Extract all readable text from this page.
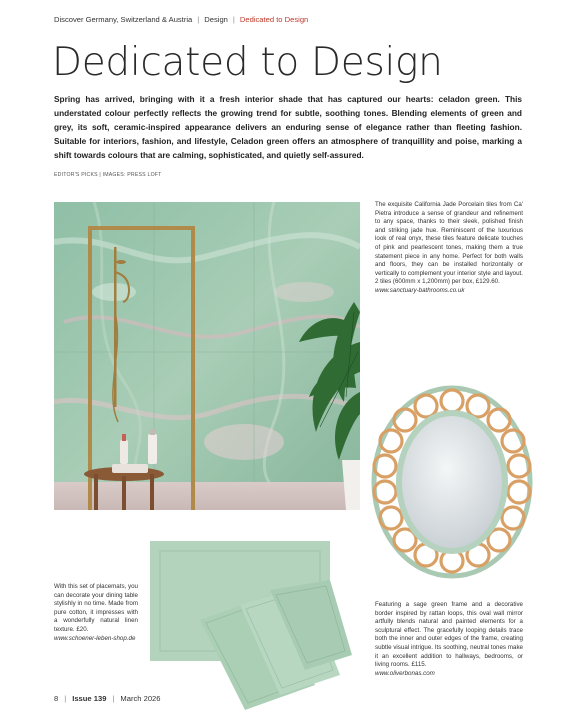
Discover Germany, Switzerland & Austria | Design | Dedicated to Design
Dedicated to Design

Spring has arrived, bringing with it a fresh interior shade that has captured our hearts: celadon green. This understated colour perfectly reflects the growing trend for subtle, soothing tones. Blending elements of green and grey, its soft, ceramic-inspired appearance delivers an enduring sense of elegance rather than fleeting fashion. Suitable for interiors, fashion, and lifestyle, Celadon green offers an atmosphere of tranquillity and poise, marking a shift towards colours that are calming, sophisticated, and quietly self-assured.

EDITOR'S PICKS | IMAGES: PRESS LOFT
The exquisite California Jade Porcelain tiles from Ca' Pietra introduce a sense of grandeur and refinement to any space, thanks to their sleek, polished finish and striking jade hue. Reminiscent of the luxurious look of real onyx, these tiles feature delicate touches of pink and pearlescent tones, making them a true statement piece in any home. Perfect for both walls and floors, they can be installed horizontally or vertically to complement your interior style and layout. 2 tiles (600mm x 1,200mm) per box, £129.60.
www.sanctuary-bathrooms.co.uk
With this set of placemats, you can decorate your dining table stylishly in no time. Made from pure cotton, it impresses with a wonderfully natural linen texture. £20.
www.schoener-leben-shop.de
Featuring a sage green frame and a decorative border inspired by rattan loops, this oval wall mirror artfully blends natural and painted elements for a sculptural effect. The gracefully looping details trace both the inner and outer edges of the frame, creating subtle visual intrigue. Its soothing, neutral tones make it an excellent addition to hallways, bedrooms, or living rooms. £115.
www.oliverbonas.com
8 | Issue 139 | March 2026
